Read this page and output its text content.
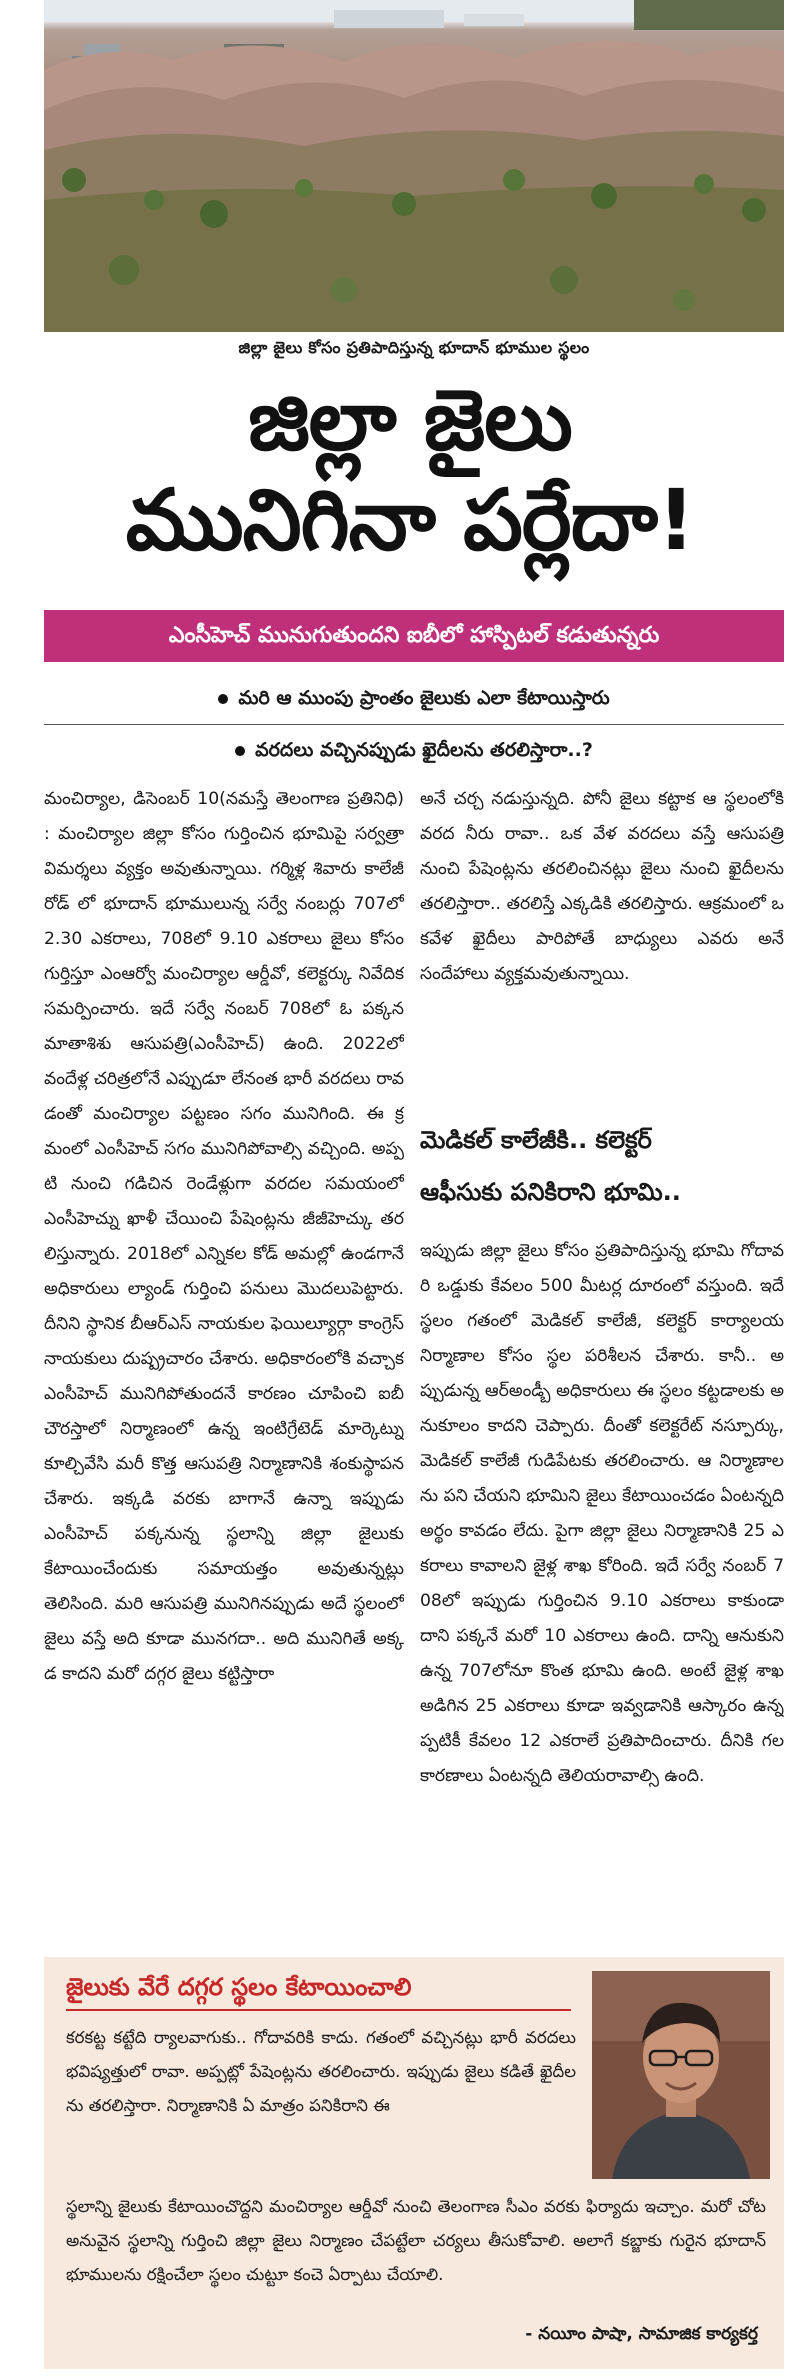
జిల్లా జైలు కోసం ప్రతిపాదిస్తున్న భూదాన్ భూముల స్థలం
జిల్లా జైలు
మునిగినా పర్లేదా!
ఎంసీహెచ్ మునుగుతుందని ఐబీలో హాస్పిటల్ కడుతున్నరు
మరి ఆ ముంపు ప్రాంతం జైలుకు ఎలా కేటాయిస్తారు
వరదలు వచ్చినప్పుడు ఖైదీలను తరలిస్తారా..?
మంచిర్యాల, డిసెంబర్ 10(నమస్తే తెలంగాణ ప్రతినిధి) : మంచిర్యాల జిల్లా కోసం గుర్తించిన భూమిపై సర్వత్రా విమర్శలు వ్యక్తం అవుతున్నాయి. గర్మిళ్ల శివారు కాలేజీ రోడ్ లో భూదాన్ భూములున్న సర్వే నంబర్లు 707లో 2.30 ఎకరాలు, 708లో 9.10 ఎకరాలు జైలు కోసం గుర్తిస్తూ ఎంఆర్వో మంచిర్యాల ఆర్డీవో, కలెక్టర్కు నివేదిక సమర్పించారు. ఇదే సర్వే నంబర్ 708లో ఓ పక్కన మాతాశిశు ఆసుపత్రి(ఎంసీహెచ్) ఉంది. 2022లో వందేళ్ల చరిత్రలోనే ఎప్పుడూ లేనంత భారీ వరదలు రావడంతో మంచిర్యాల పట్టణం సగం మునిగింది. ఈ క్రమంలో ఎంసీహెచ్ సగం మునిగిపోవాల్సి వచ్చింది. అప్పటి నుంచి గడిచిన రెండేళ్లుగా వరదల సమయంలో ఎంసీహెచ్ను ఖాళీ చేయించి పేషెంట్లను జీజీహెచ్కు తరలిస్తున్నారు. 2018లో ఎన్నికల కోడ్ అమల్లో ఉండగానే అధికారులు ల్యాండ్ గుర్తించి పనులు మొదలుపెట్టారు. దీనిని స్థానిక బీఆర్ఎస్ నాయకుల ఫెయిల్యూర్గా కాంగ్రెస్ నాయకులు దుష్ప్రచారం చేశారు. అధికారంలోకి వచ్చాక ఎంసీహెచ్ మునిగిపోతుందనే కారణం చూపించి ఐబీ చౌరస్తాలో నిర్మాణంలో ఉన్న ఇంటిగ్రేటెడ్ మార్కెట్ను కూల్చివేసి మరీ కొత్త ఆసుపత్రి నిర్మాణానికి శంకుస్థాపన చేశారు. ఇక్కడి వరకు బాగానే ఉన్నా ఇప్పుడు ఎంసీహెచ్ పక్కనున్న స్థలాన్ని జిల్లా జైలుకు కేటాయించేందుకు సమాయత్తం అవుతున్నట్లు తెలిసింది. మరి ఆసుపత్రి మునిగినప్పుడు అదే స్థలంలో జైలు వస్తే అది కూడా మునగదా.. అది మునిగితే అక్కడ కాదని మరో దగ్గర జైలు కట్టిస్తారా
అనే చర్చ నడుస్తున్నది. పోనీ జైలు కట్టాక ఆ స్థలంలోకి వరద నీరు రావా.. ఒక వేళ వరదలు వస్తే ఆసుపత్రి నుంచి పేషెంట్లను తరలించినట్లు జైలు నుంచి ఖైదీలను తరలిస్తారా.. తరలిస్తే ఎక్కడికి తరలిస్తారు. ఆక్రమంలో ఒకవేళ ఖైదీలు పారిపోతే బాధ్యులు ఎవరు అనే సందేహాలు వ్యక్తమవుతున్నాయి.
మెడికల్ కాలేజీకి.. కలెక్టర్
ఆఫీసుకు పనికిరాని భూమి..
ఇప్పుడు జిల్లా జైలు కోసం ప్రతిపాదిస్తున్న భూమి గోదావరి ఒడ్డుకు కేవలం 500 మీటర్ల దూరంలో వస్తుంది. ఇదే స్థలం గతంలో మెడికల్ కాలేజీ, కలెక్టర్ కార్యాలయ నిర్మాణాల కోసం స్థల పరిశీలన చేశారు. కానీ.. అప్పుడున్న ఆర్అండ్బీ అధికారులు ఈ స్థలం కట్టడాలకు అనుకూలం కాదని చెప్పారు. దీంతో కలెక్టరేట్ నస్పూర్కు, మెడికల్ కాలేజీ గుడిపేటకు తరలించారు. ఆ నిర్మాణాలను పని చేయని భూమిని జైలు కేటాయించడం ఏంటన్నది అర్థం కావడం లేదు. పైగా జిల్లా జైలు నిర్మాణానికి 25 ఎకరాలు కావాలని జైళ్ల శాఖ కోరింది. ఇదే సర్వే నంబర్ 708లో ఇప్పుడు గుర్తించిన 9.10 ఎకరాలు కాకుండా దాని పక్కనే మరో 10 ఎకరాలు ఉంది. దాన్ని ఆనుకుని ఉన్న 707లోనూ కొంత భూమి ఉంది. అంటే జైళ్ల శాఖ అడిగిన 25 ఎకరాలు కూడా ఇవ్వడానికి ఆస్కారం ఉన్నప్పటికీ కేవలం 12 ఎకరాలే ప్రతిపాదించారు. దీనికి గల కారణాలు ఏంటన్నది తెలియరావాల్సి ఉంది.
జైలుకు వేరే దగ్గర స్థలం కేటాయించాలి
కరకట్ట కట్టేది ర్యాలవాగుకు.. గోదావరికి కాదు. గతంలో వచ్చినట్లు భారీ వరదలు భవిష్యత్తులో రావా. అప్పట్లో పేషెంట్లను తరలించారు. ఇప్పుడు జైలు కడితే ఖైదీలను తరలిస్తారా. నిర్మాణానికి ఏ మాత్రం పనికిరాని ఈ
స్థలాన్ని జైలుకు కేటాయించొద్దని మంచిర్యాల ఆర్డీవో నుంచి తెలంగాణ సీఎం వరకు ఫిర్యాదు ఇచ్చాం. మరో చోట అనువైన స్థలాన్ని గుర్తించి జిల్లా జైలు నిర్మాణం చేపట్టేలా చర్యలు తీసుకోవాలి. అలాగే కబ్జాకు గురైన భూదాన్ భూములను రక్షించేలా స్థలం చుట్టూ కంచె ఏర్పాటు చేయాలి.
- నయీం పాషా, సామాజిక కార్యకర్త
